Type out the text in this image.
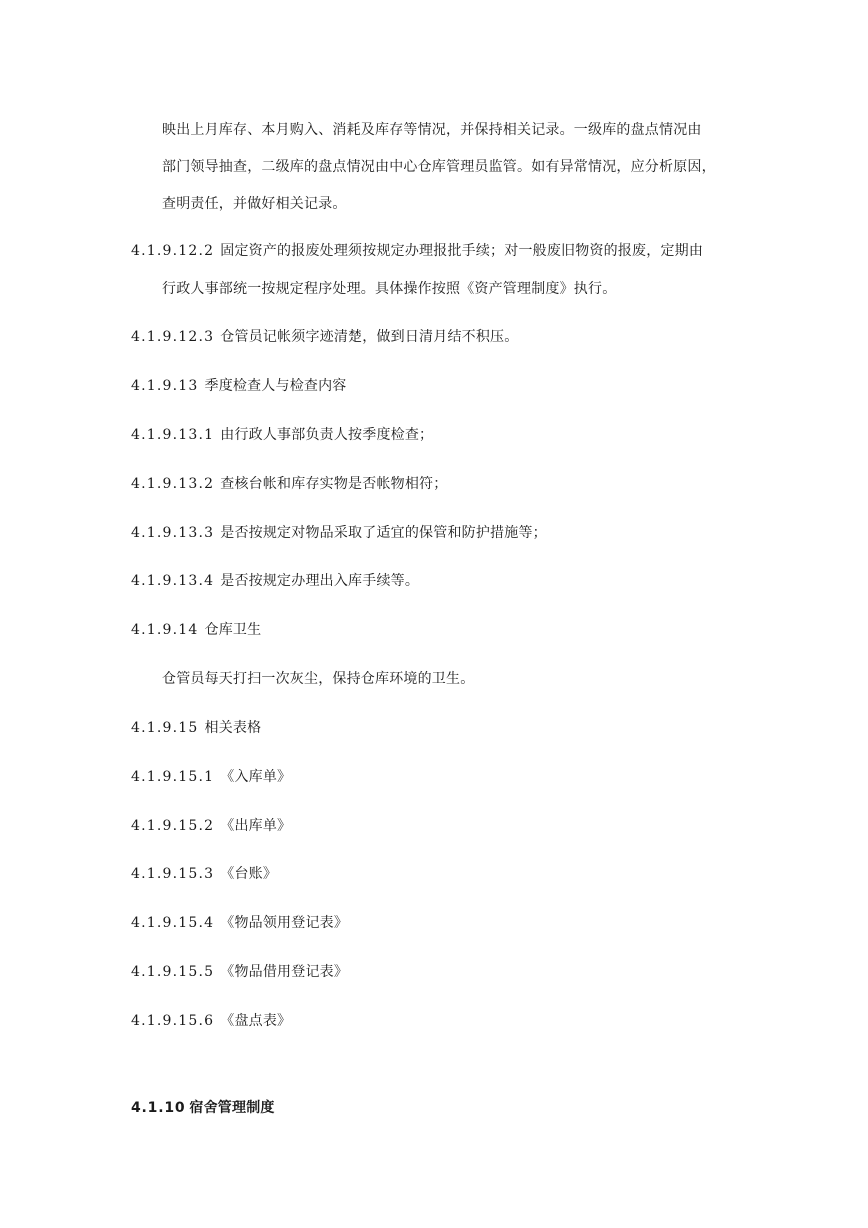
映出上月库存、本月购入、消耗及库存等情况，并保持相关记录。一级库的盘点情况由
部门领导抽查，二级库的盘点情况由中心仓库管理员监管。如有异常情况，应分析原因，
查明责任，并做好相关记录。
4.1.9.12.2 固定资产的报废处理须按规定办理报批手续；对一般废旧物资的报废，定期由
行政人事部统一按规定程序处理。具体操作按照《资产管理制度》执行。
4.1.9.12.3 仓管员记帐须字迹清楚，做到日清月结不积压。
4.1.9.13 季度检查人与检查内容
4.1.9.13.1 由行政人事部负责人按季度检查；
4.1.9.13.2 查核台帐和库存实物是否帐物相符；
4.1.9.13.3 是否按规定对物品采取了适宜的保管和防护措施等；
4.1.9.13.4 是否按规定办理出入库手续等。
4.1.9.14 仓库卫生
仓管员每天打扫一次灰尘，保持仓库环境的卫生。
4.1.9.15 相关表格
4.1.9.15.1 《入库单》
4.1.9.15.2 《出库单》
4.1.9.15.3 《台账》
4.1.9.15.4 《物品领用登记表》
4.1.9.15.5 《物品借用登记表》
4.1.9.15.6 《盘点表》
4.1.10 宿舍管理制度
